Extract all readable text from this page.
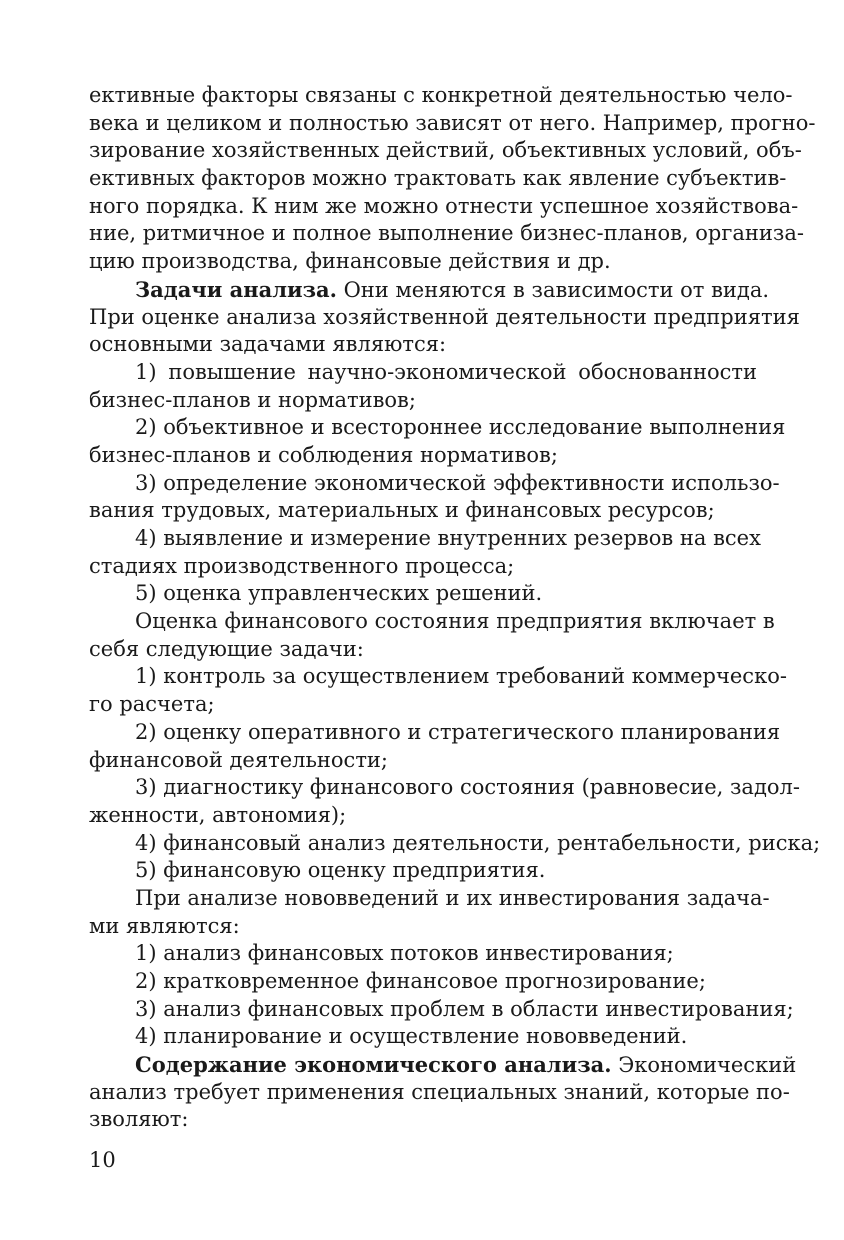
ективные факторы связаны с конкретной деятельностью чело-
века и целиком и полностью зависят от него. Например, прогно-
зирование хозяйственных действий, объективных условий, объ-
ективных факторов можно трактовать как явление субъектив-
ного порядка. К ним же можно отнести успешное хозяйствова-
ние, ритмичное и полное выполнение бизнес-планов, организа-
цию производства, финансовые действия и др.
Задачи анализа. Они меняются в зависимости от вида.
При оценке анализа хозяйственной деятельности предприятия
основными задачами являются:
1) повышение научно-экономической обоснованности
бизнес-планов и нормативов;
2) объективное и всестороннее исследование выполнения
бизнес-планов и соблюдения нормативов;
3) определение экономической эффективности использо-
вания трудовых, материальных и финансовых ресурсов;
4) выявление и измерение внутренних резервов на всех
стадиях производственного процесса;
5) оценка управленческих решений.
Оценка финансового состояния предприятия включает в
себя следующие задачи:
1) контроль за осуществлением требований коммерческо-
го расчета;
2) оценку оперативного и стратегического планирования
финансовой деятельности;
3) диагностику финансового состояния (равновесие, задол-
женности, автономия);
4) финансовый анализ деятельности, рентабельности, риска;
5) финансовую оценку предприятия.
При анализе нововведений и их инвестирования задача-
ми являются:
1) анализ финансовых потоков инвестирования;
2) кратковременное финансовое прогнозирование;
3) анализ финансовых проблем в области инвестирования;
4) планирование и осуществление нововведений.
Содержание экономического анализа. Экономический
анализ требует применения специальных знаний, которые по-
зволяют:
10
